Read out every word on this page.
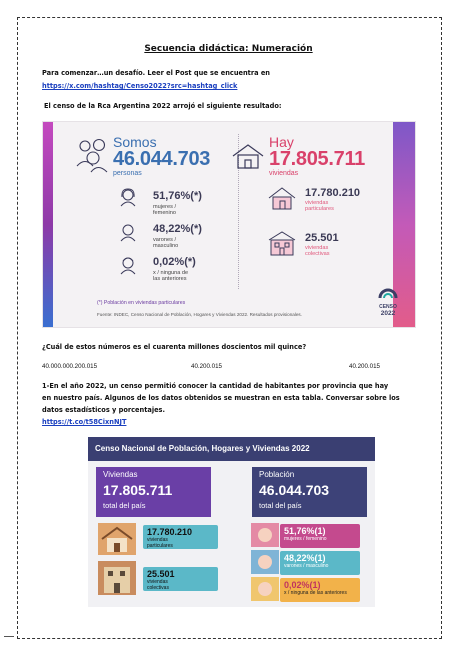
Secuencia didáctica: Numeración
Para comenzar…un desafío. Leer el Post que se encuentra en
https://x.com/hashtag/Censo2022?src=hashtag_click
El censo de la Rca Argentina 2022 arrojó el siguiente resultado:
Somos
46.044.703
personas
51,76%(*)
mujeres /
femenino
48,22%(*)
varones /
masculino
0,02%(*)
x / ninguna de
las anteriores
Hay
17.805.711
viviendas
17.780.210
viviendas
particulares
25.501
viviendas
colectivas
(*) Población en viviendas particulares
Fuente: INDEC, Censo Nacional de Población, Hogares y Viviendas 2022. Resultados provisionales.
CENSO
2022
¿Cuál de estos números es el cuarenta millones doscientos mil quince?
40.000.000.200.015	40.200.015	40.200.015
1-En el año 2022, un censo permitió conocer la cantidad de habitantes por provincia que hay
en nuestro país. Algunos de los datos obtenidos se muestran en esta tabla. Conversar sobre los
datos estadísticos y porcentajes.
https://t.co/t58CixnNJT
Censo Nacional de Población, Hogares y Viviendas 2022
Viviendas
17.805.711
total del país
Población
46.044.703
total del país
17.780.210
viviendas
particulares
25.501
viviendas
colectivas
51,76%(1)
mujeres / femenino
48,22%(1)
varones / masculino
0,02%(1)
x / ninguna de las anteriores
